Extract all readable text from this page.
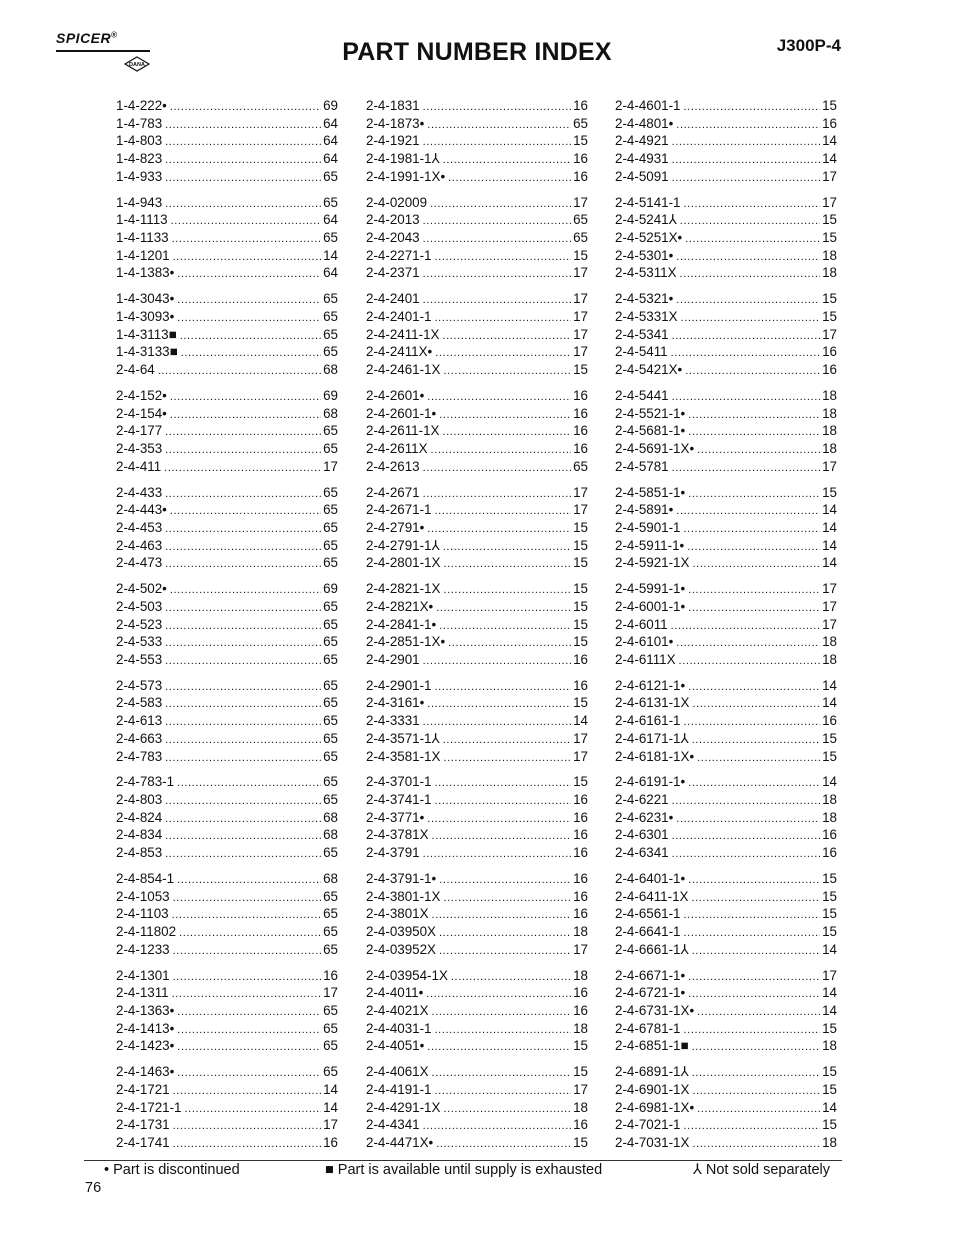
SPICER®
DANA	PART NUMBER INDEX	J300P-4
1-4-222• .....	69
1-4-783 .....	64
1-4-803 .....	64
1-4-823 .....	64
1-4-933 .....	65
1-4-943 .....	65
1-4-1113 .....	64
1-4-1133 .....	65
1-4-1201 .....	14
1-4-1383• .....	64
1-4-3043• .....	65
1-4-3093• .....	65
1-4-3113■ .....	65
1-4-3133■ .....	65
2-4-64 .....	68
2-4-152• .....	69
2-4-154• .....	68
2-4-177 .....	65
2-4-353 .....	65
2-4-411 .....	17
2-4-433 .....	65
2-4-443• .....	65
2-4-453 .....	65
2-4-463 .....	65
2-4-473 .....	65
2-4-502• .....	69
2-4-503 .....	65
2-4-523 .....	65
2-4-533 .....	65
2-4-553 .....	65
2-4-573 .....	65
2-4-583 .....	65
2-4-613 .....	65
2-4-663 .....	65
2-4-783 .....	65
2-4-783-1 .....	65
2-4-803 .....	65
2-4-824 .....	68
2-4-834 .....	68
2-4-853 .....	65
2-4-854-1 .....	68
2-4-1053 .....	65
2-4-1103 .....	65
2-4-11802 .....	65
2-4-1233 .....	65
2-4-1301 .....	16
2-4-1311 .....	17
2-4-1363• .....	65
2-4-1413• .....	65
2-4-1423• .....	65
2-4-1463• .....	65
2-4-1721 .....	14
2-4-1721-1 .....	14
2-4-1731 .....	17
2-4-1741 .....	16
2-4-1831 .....	16
2-4-1873• .....	65
2-4-1921 .....	15
2-4-1981-1⅄ .....	16
2-4-1991-1X• .....	16
2-4-02009 .....	17
2-4-2013 .....	65
2-4-2043 .....	65
2-4-2271-1 .....	15
2-4-2371 .....	17
2-4-2401 .....	17
2-4-2401-1 .....	17
2-4-2411-1X .....	17
2-4-2411X• .....	17
2-4-2461-1X .....	15
2-4-2601• .....	16
2-4-2601-1• .....	16
2-4-2611-1X .....	16
2-4-2611X .....	16
2-4-2613 .....	65
2-4-2671 .....	17
2-4-2671-1 .....	17
2-4-2791• .....	15
2-4-2791-1⅄ .....	15
2-4-2801-1X .....	15
2-4-2821-1X .....	15
2-4-2821X• .....	15
2-4-2841-1• .....	15
2-4-2851-1X• .....	15
2-4-2901 .....	16
2-4-2901-1 .....	16
2-4-3161• .....	15
2-4-3331 .....	14
2-4-3571-1⅄ .....	17
2-4-3581-1X .....	17
2-4-3701-1 .....	15
2-4-3741-1 .....	16
2-4-3771• .....	16
2-4-3781X .....	16
2-4-3791 .....	16
2-4-3791-1• .....	16
2-4-3801-1X .....	16
2-4-3801X .....	16
2-4-03950X .....	18
2-4-03952X .....	17
2-4-03954-1X .....	18
2-4-4011• .....	16
2-4-4021X .....	16
2-4-4031-1 .....	18
2-4-4051• .....	15
2-4-4061X .....	15
2-4-4191-1 .....	17
2-4-4291-1X .....	18
2-4-4341 .....	16
2-4-4471X• .....	15
2-4-4601-1 .....	15
2-4-4801• .....	16
2-4-4921 .....	14
2-4-4931 .....	14
2-4-5091 .....	17
2-4-5141-1 .....	17
2-4-5241⅄ .....	15
2-4-5251X• .....	15
2-4-5301• .....	18
2-4-5311X .....	18
2-4-5321• .....	15
2-4-5331X .....	15
2-4-5341 .....	17
2-4-5411 .....	16
2-4-5421X• .....	16
2-4-5441 .....	18
2-4-5521-1• .....	18
2-4-5681-1• .....	18
2-4-5691-1X• .....	18
2-4-5781 .....	17
2-4-5851-1• .....	15
2-4-5891• .....	14
2-4-5901-1 .....	14
2-4-5911-1• .....	14
2-4-5921-1X .....	14
2-4-5991-1• .....	17
2-4-6001-1• .....	17
2-4-6011 .....	17
2-4-6101• .....	18
2-4-6111X .....	18
2-4-6121-1• .....	14
2-4-6131-1X .....	14
2-4-6161-1 .....	16
2-4-6171-1⅄ .....	15
2-4-6181-1X• .....	15
2-4-6191-1• .....	14
2-4-6221 .....	18
2-4-6231• .....	18
2-4-6301 .....	16
2-4-6341 .....	16
2-4-6401-1• .....	15
2-4-6411-1X .....	15
2-4-6561-1 .....	15
2-4-6641-1 .....	15
2-4-6661-1⅄ .....	14
2-4-6671-1• .....	17
2-4-6721-1• .....	14
2-4-6731-1X• .....	14
2-4-6781-1 .....	15
2-4-6851-1■ .....	18
2-4-6891-1⅄ .....	15
2-4-6901-1X .....	15
2-4-6981-1X• .....	14
2-4-7021-1 .....	15
2-4-7031-1X .....	18
• Part is discontinued	■ Part is available until supply is exhausted	⅄ Not sold separately
76
